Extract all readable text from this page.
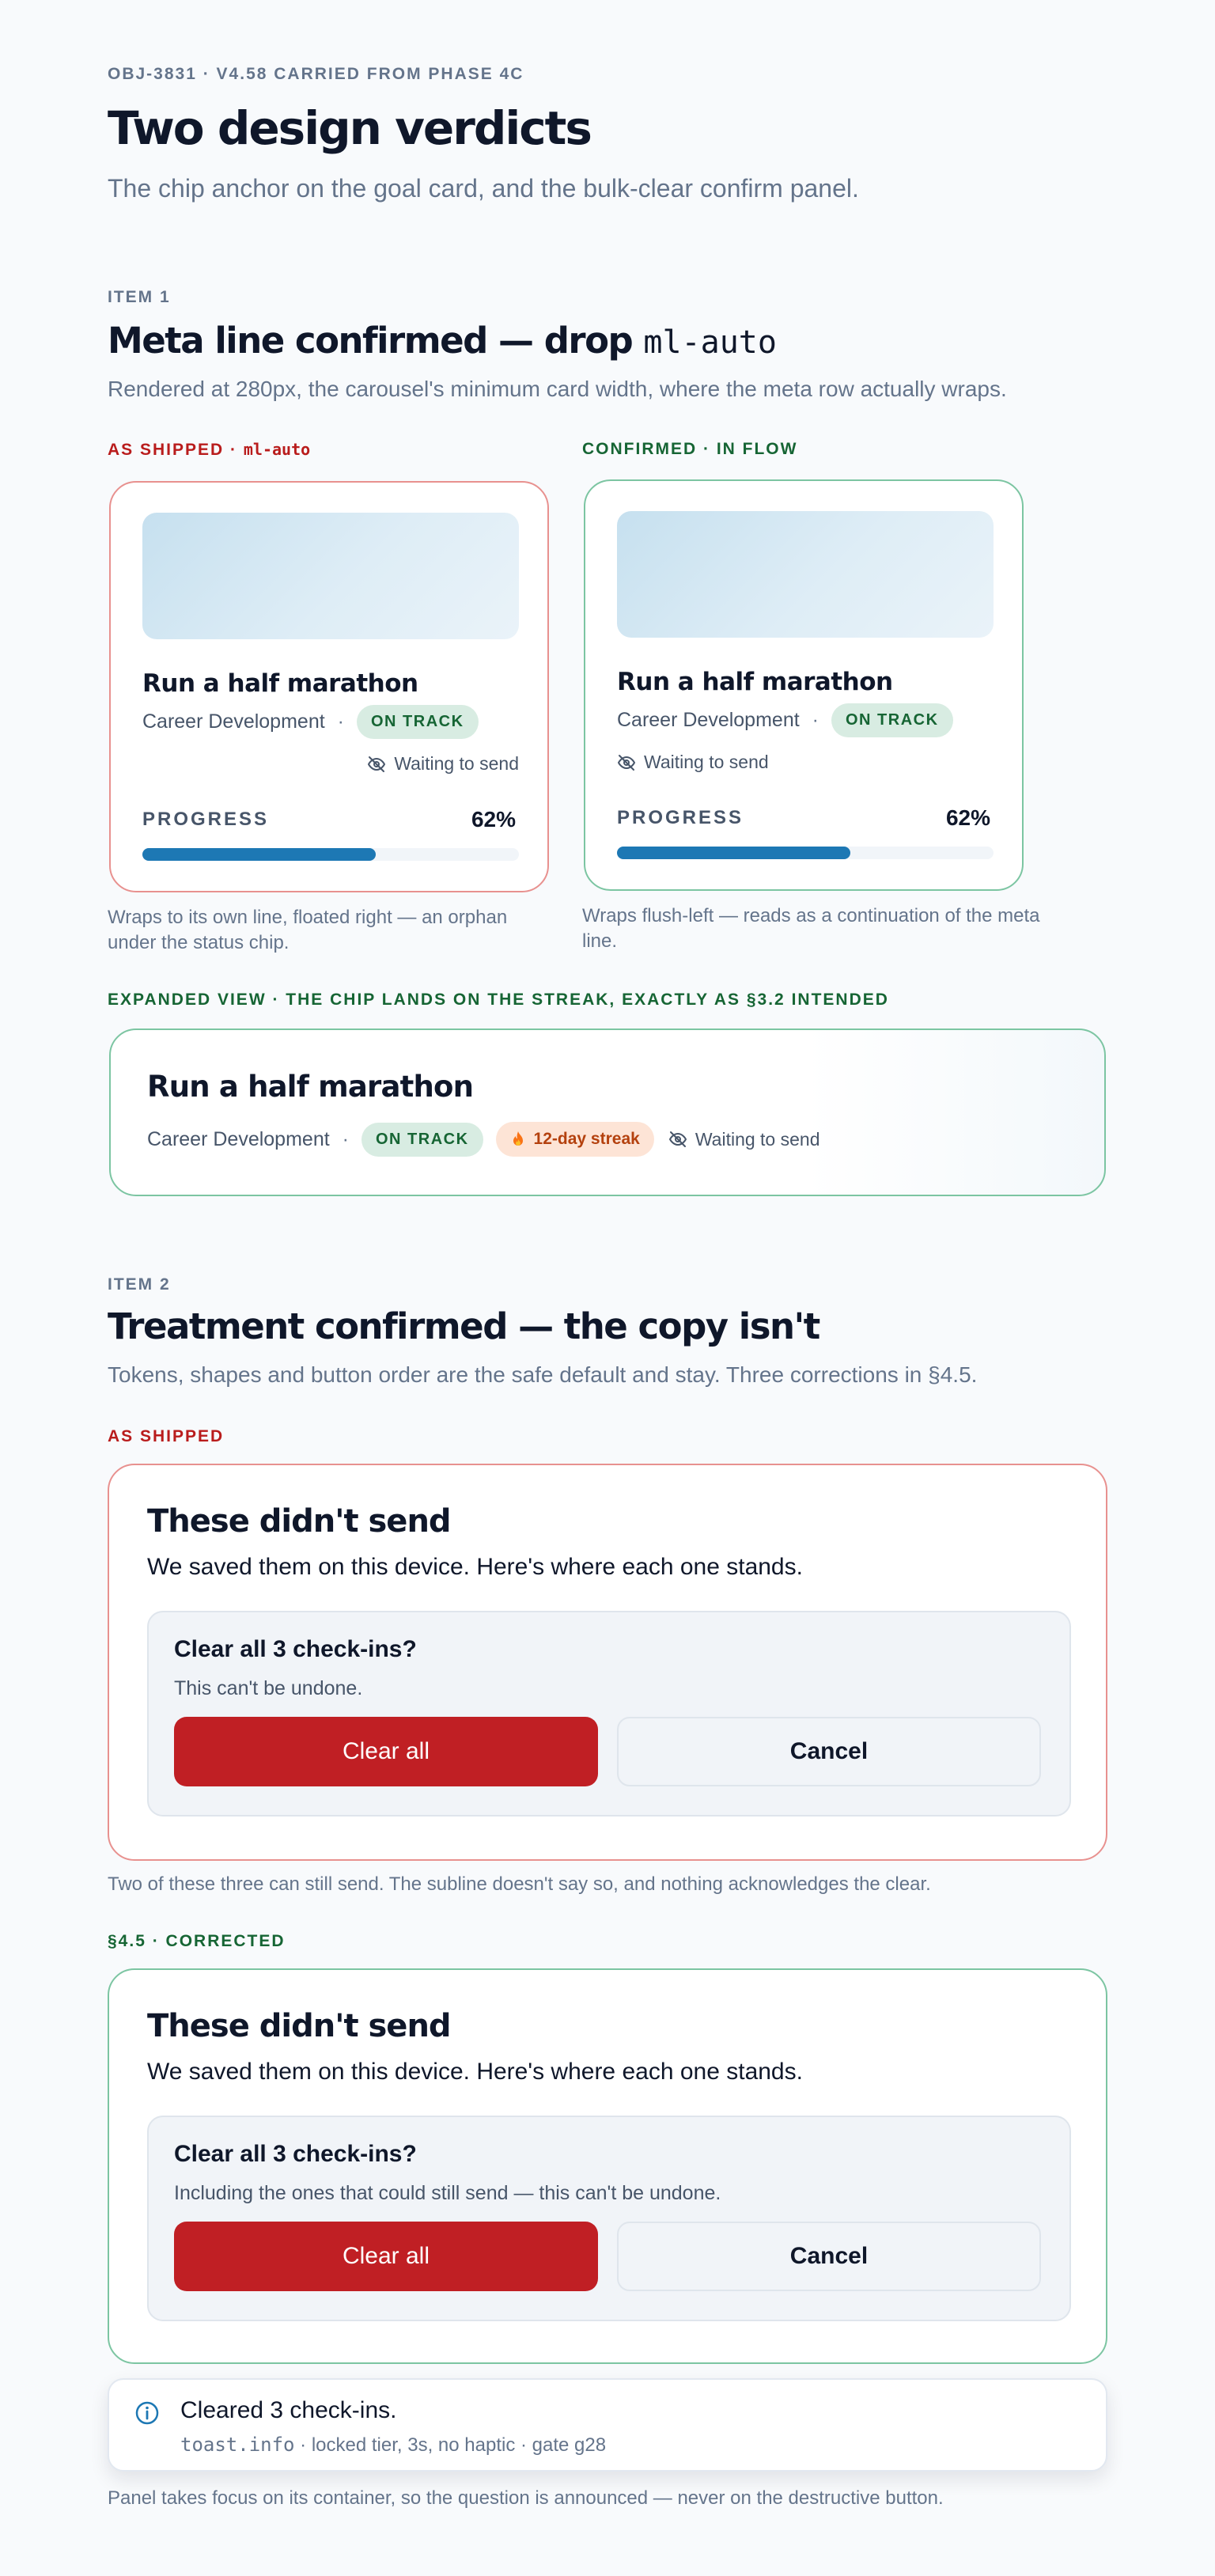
OBJ-3831 · V4.58 CARRIED FROM PHASE 4C
Two design verdicts
The chip anchor on the goal card, and the bulk-clear confirm panel.
ITEM 1
Meta line confirmed — drop ml-auto
Rendered at 280px, the carousel's minimum card width, where the meta row actually wraps.
AS SHIPPED · ml-auto	CONFIRMED · IN FLOW
Run a half marathon
Career Development ·	ON TRACK
Waiting to send
PROGRESS	62%
Run a half marathon
Career Development ·	ON TRACK
Waiting to send
PROGRESS	62%
Wraps to its own line, floated right — an orphan under the status chip.
Wraps flush-left — reads as a continuation of the meta line.
EXPANDED VIEW · THE CHIP LANDS ON THE STREAK, EXACTLY AS §3.2 INTENDED
Run a half marathon
Career Development ·	ON TRACK	12-day streak	Waiting to send
ITEM 2
Treatment confirmed — the copy isn't
Tokens, shapes and button order are the safe default and stay. Three corrections in §4.5.
AS SHIPPED
These didn't send
We saved them on this device. Here's where each one stands.
Clear all 3 check-ins?
This can't be undone.
Clear all	Cancel
Two of these three can still send. The subline doesn't say so, and nothing acknowledges the clear.
§4.5 · CORRECTED
These didn't send
We saved them on this device. Here's where each one stands.
Clear all 3 check-ins?
Including the ones that could still send — this can't be undone.
Clear all	Cancel
Cleared 3 check-ins.
toast.info · locked tier, 3s, no haptic · gate g28
Panel takes focus on its container, so the question is announced — never on the destructive button.
